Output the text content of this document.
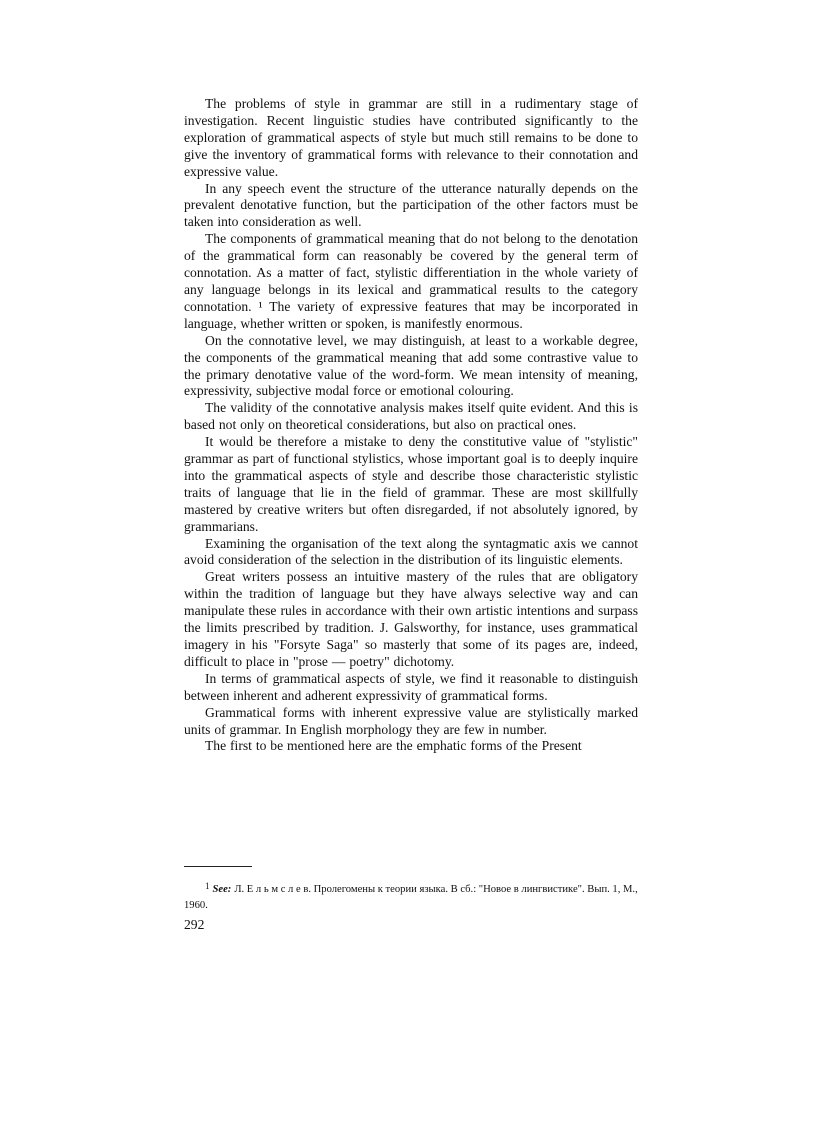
The problems of style in grammar are still in a rudimentary stage of investigation. Recent linguistic studies have contributed significantly to the exploration of grammatical aspects of style but much still remains to be done to give the inventory of grammatical forms with relevance to their connotation and expressive value.

In any speech event the structure of the utterance naturally depends on the prevalent denotative function, but the participation of the other factors must be taken into consideration as well.

The components of grammatical meaning that do not belong to the denotation of the grammatical form can reasonably be covered by the general term of connotation. As a matter of fact, stylistic differentiation in the whole variety of any language belongs in its lexical and grammatical results to the category connotation. ¹ The variety of expressive features that may be incorporated in language, whether written or spoken, is manifestly enormous.

On the connotative level, we may distinguish, at least to a workable degree, the components of the grammatical meaning that add some contrastive value to the primary denotative value of the word-form. We mean intensity of meaning, expressivity, subjective modal force or emotional colouring.

The validity of the connotative analysis makes itself quite evident. And this is based not only on theoretical considerations, but also on practical ones.

It would be therefore a mistake to deny the constitutive value of "stylistic" grammar as part of functional stylistics, whose important goal is to deeply inquire into the grammatical aspects of style and describe those characteristic stylistic traits of language that lie in the field of grammar. These are most skillfully mastered by creative writers but often disregarded, if not absolutely ignored, by grammarians.

Examining the organisation of the text along the syntagmatic axis we cannot avoid consideration of the selection in the distribution of its linguistic elements.

Great writers possess an intuitive mastery of the rules that are obligatory within the tradition of language but they have always selective way and can manipulate these rules in accordance with their own artistic intentions and surpass the limits prescribed by tradition. J. Galsworthy, for instance, uses grammatical imagery in his "Forsyte Saga" so masterly that some of its pages are, indeed, difficult to place in "prose — poetry" dichotomy.

In terms of grammatical aspects of style, we find it reasonable to distinguish between inherent and adherent expressivity of grammatical forms.

Grammatical forms with inherent expressive value are stylistically marked units of grammar. In English morphology they are few in number.

The first to be mentioned here are the emphatic forms of the Present

$^1$ See: Л. Е л ь м с л е в. Пролегомены к теории языка. В сб.: "Новое в лингвистике". Вып. 1, М., 1960.

292
